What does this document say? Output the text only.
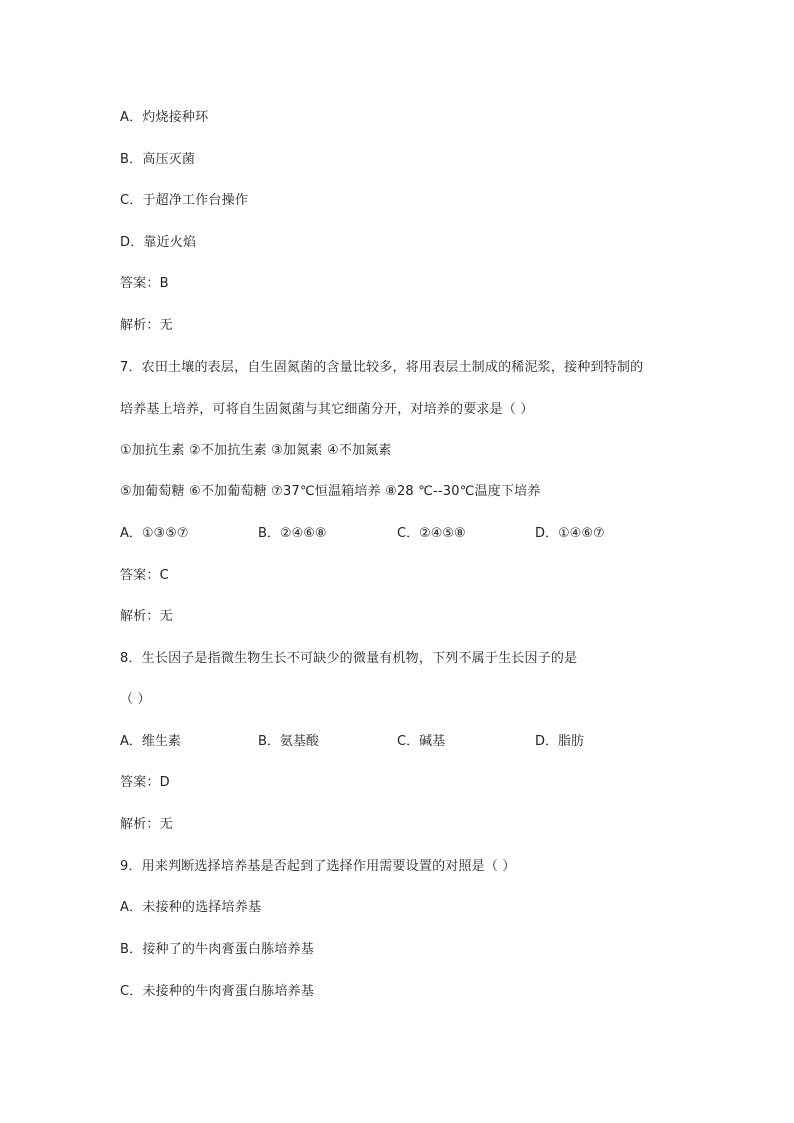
A．灼烧接种环
B．高压灭菌
C．于超净工作台操作
D．靠近火焰
答案：B
解析：无
7．农田土壤的表层，自生固氮菌的含量比较多，将用表层土制成的稀泥浆，接种到特制的
培养基上培养，可将自生固氮菌与其它细菌分开，对培养的要求是（ ）
①加抗生素 ②不加抗生素 ③加氮素 ④不加氮素
⑤加葡萄糖 ⑥不加葡萄糖 ⑦37℃恒温箱培养 ⑧28 ℃--30℃温度下培养
A．①③⑤⑦	B．②④⑥⑧	C．②④⑤⑧	D．①④⑥⑦
答案：C
解析：无
8．生长因子是指微生物生长不可缺少的微量有机物，下列不属于生长因子的是
（ ）
A．维生素	B．氨基酸	C．碱基	D．脂肪
答案：D
解析：无
9．用来判断选择培养基是否起到了选择作用需要设置的对照是（ ）
A．未接种的选择培养基
B．接种了的牛肉膏蛋白胨培养基
C．未接种的牛肉膏蛋白胨培养基
